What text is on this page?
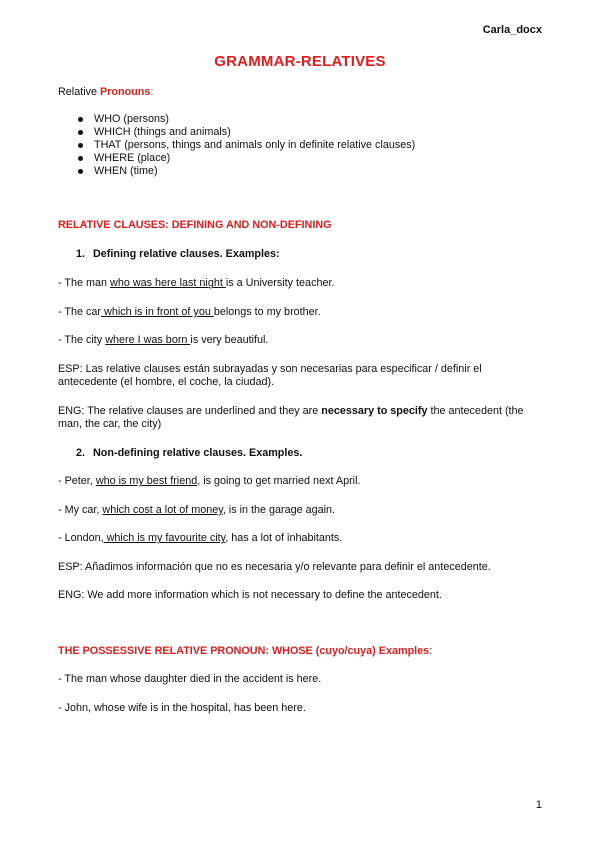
Carla_docx
GRAMMAR-RELATIVES

Relative Pronouns:

WHO (persons)
WHICH (things and animals)
THAT (persons, things and animals only in definite relative clauses)
WHERE (place)
WHEN (time)

RELATIVE CLAUSES: DEFINING AND NON-DEFINING

1. Defining relative clauses. Examples:

- The man who was here last night is a University teacher.

- The car which is in front of you belongs to my brother.

- The city where I was born is very beautiful.

ESP: Las relative clauses están subrayadas y son necesarias para especificar / definir el antecedente (el hombre, el coche, la ciudad).

ENG: The relative clauses are underlined and they are necessary to specify the antecedent (the man, the car, the city)

2. Non-defining relative clauses. Examples.

- Peter, who is my best friend, is going to get married next April.

- My car, which cost a lot of money, is in the garage again.

- London, which is my favourite city, has a lot of inhabitants.

ESP: Añadimos información que no es necesaria y/o relevante para definir el antecedente.

ENG: We add more information which is not necessary to define the antecedent.

THE POSSESSIVE RELATIVE PRONOUN: WHOSE (cuyo/cuya) Examples:

- The man whose daughter died in the accident is here.

- John, whose wife is in the hospital, has been here.

1
